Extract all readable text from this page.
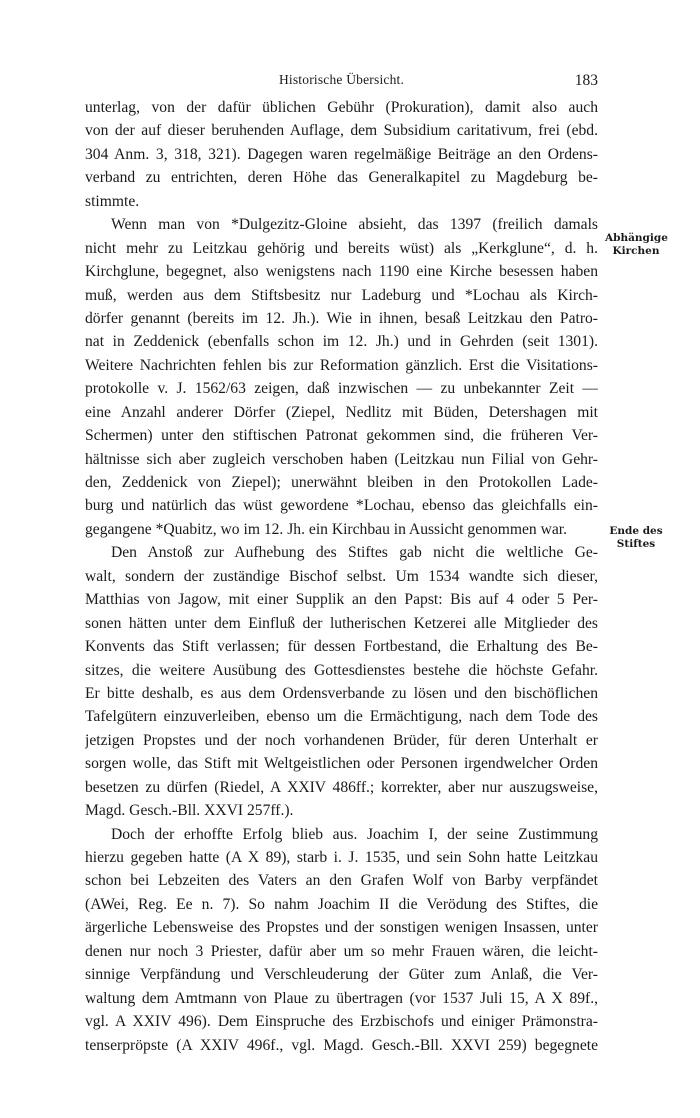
Historische Übersicht.	183
Abhängige
Kirchen
Ende des
Stiftes
unterlag, von der dafür üblichen Gebühr (Prokuration), damit also auch
von der auf dieser beruhenden Auflage, dem Subsidium caritativum, frei (ebd.
304 Anm. 3, 318, 321). Dagegen waren regelmäßige Beiträge an den Ordens-
verband zu entrichten, deren Höhe das Generalkapitel zu Magdeburg be-
stimmte.
Wenn man von *Dulgezitz-Gloine absieht, das 1397 (freilich damals
nicht mehr zu Leitzkau gehörig und bereits wüst) als „Kerkglune“, d. h.
Kirchglune, begegnet, also wenigstens nach 1190 eine Kirche besessen haben
muß, werden aus dem Stiftsbesitz nur Ladeburg und *Lochau als Kirch-
dörfer genannt (bereits im 12. Jh.). Wie in ihnen, besaß Leitzkau den Patro-
nat in Zeddenick (ebenfalls schon im 12. Jh.) und in Gehrden (seit 1301).
Weitere Nachrichten fehlen bis zur Reformation gänzlich. Erst die Visitations-
protokolle v. J. 1562/63 zeigen, daß inzwischen — zu unbekannter Zeit —
eine Anzahl anderer Dörfer (Ziepel, Nedlitz mit Büden, Detershagen mit
Schermen) unter den stiftischen Patronat gekommen sind, die früheren Ver-
hältnisse sich aber zugleich verschoben haben (Leitzkau nun Filial von Gehr-
den, Zeddenick von Ziepel); unerwähnt bleiben in den Protokollen Lade-
burg und natürlich das wüst gewordene *Lochau, ebenso das gleichfalls ein-
gegangene *Quabitz, wo im 12. Jh. ein Kirchbau in Aussicht genommen war.
Den Anstoß zur Aufhebung des Stiftes gab nicht die weltliche Ge-
walt, sondern der zuständige Bischof selbst. Um 1534 wandte sich dieser,
Matthias von Jagow, mit einer Supplik an den Papst: Bis auf 4 oder 5 Per-
sonen hätten unter dem Einfluß der lutherischen Ketzerei alle Mitglieder des
Konvents das Stift verlassen; für dessen Fortbestand, die Erhaltung des Be-
sitzes, die weitere Ausübung des Gottesdienstes bestehe die höchste Gefahr.
Er bitte deshalb, es aus dem Ordensverbande zu lösen und den bischöflichen
Tafelgütern einzuverleiben, ebenso um die Ermächtigung, nach dem Tode des
jetzigen Propstes und der noch vorhandenen Brüder, für deren Unterhalt er
sorgen wolle, das Stift mit Weltgeistlichen oder Personen irgendwelcher Orden
besetzen zu dürfen (Riedel, A XXIV 486ff.; korrekter, aber nur auszugsweise,
Magd. Gesch.-Bll. XXVI 257ff.).
Doch der erhoffte Erfolg blieb aus. Joachim I, der seine Zustimmung
hierzu gegeben hatte (A X 89), starb i. J. 1535, und sein Sohn hatte Leitzkau
schon bei Lebzeiten des Vaters an den Grafen Wolf von Barby verpfändet
(AWei, Reg. Ee n. 7). So nahm Joachim II die Verödung des Stiftes, die
ärgerliche Lebensweise des Propstes und der sonstigen wenigen Insassen, unter
denen nur noch 3 Priester, dafür aber um so mehr Frauen wären, die leicht-
sinnige Verpfändung und Verschleuderung der Güter zum Anlaß, die Ver-
waltung dem Amtmann von Plaue zu übertragen (vor 1537 Juli 15, A X 89f.,
vgl. A XXIV 496). Dem Einspruche des Erzbischofs und einiger Prämonstra-
tenserpröpste (A XXIV 496f., vgl. Magd. Gesch.-Bll. XXVI 259) begegnete
